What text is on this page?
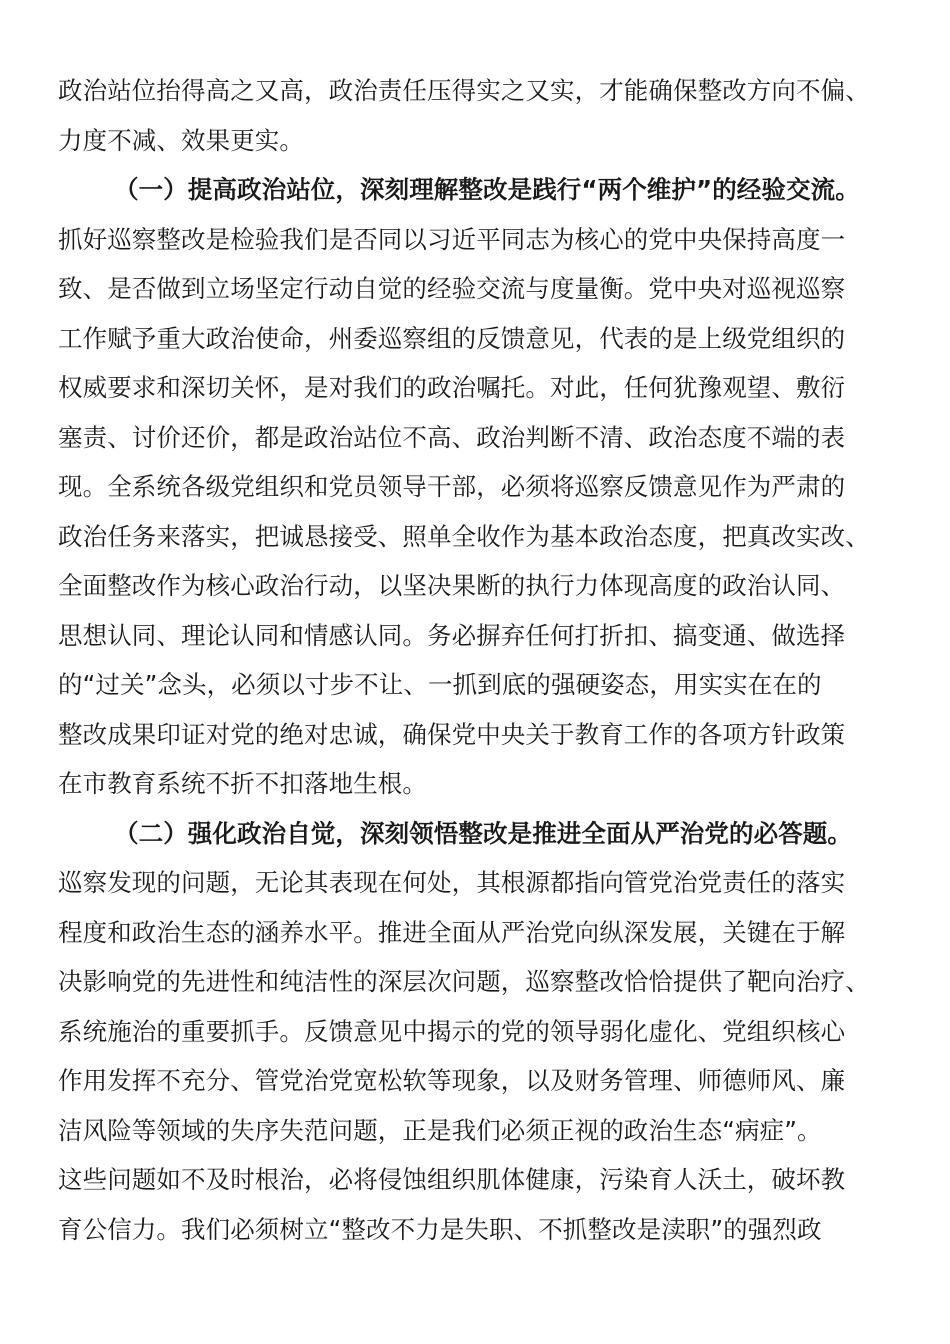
政治站位抬得高之又高，政治责任压得实之又实，才能确保整改方向不偏、
力度不减、效果更实。
（一）提高政治站位，深刻理解整改是践行“两个维护”的经验交流。
抓好巡察整改是检验我们是否同以习近平同志为核心的党中央保持高度一
致、是否做到立场坚定行动自觉的经验交流与度量衡。党中央对巡视巡察
工作赋予重大政治使命，州委巡察组的反馈意见，代表的是上级党组织的
权威要求和深切关怀，是对我们的政治嘱托。对此，任何犹豫观望、敷衍
塞责、讨价还价，都是政治站位不高、政治判断不清、政治态度不端的表
现。全系统各级党组织和党员领导干部，必须将巡察反馈意见作为严肃的
政治任务来落实，把诚恳接受、照单全收作为基本政治态度，把真改实改、
全面整改作为核心政治行动，以坚决果断的执行力体现高度的政治认同、
思想认同、理论认同和情感认同。务必摒弃任何打折扣、搞变通、做选择
的“过关”念头，必须以寸步不让、一抓到底的强硬姿态，用实实在在的
整改成果印证对党的绝对忠诚，确保党中央关于教育工作的各项方针政策
在市教育系统不折不扣落地生根。
（二）强化政治自觉，深刻领悟整改是推进全面从严治党的必答题。
巡察发现的问题，无论其表现在何处，其根源都指向管党治党责任的落实
程度和政治生态的涵养水平。推进全面从严治党向纵深发展，关键在于解
决影响党的先进性和纯洁性的深层次问题，巡察整改恰恰提供了靶向治疗、
系统施治的重要抓手。反馈意见中揭示的党的领导弱化虚化、党组织核心
作用发挥不充分、管党治党宽松软等现象，以及财务管理、师德师风、廉
洁风险等领域的失序失范问题，正是我们必须正视的政治生态“病症”。
这些问题如不及时根治，必将侵蚀组织肌体健康，污染育人沃土，破坏教
育公信力。我们必须树立“整改不力是失职、不抓整改是渎职”的强烈政
